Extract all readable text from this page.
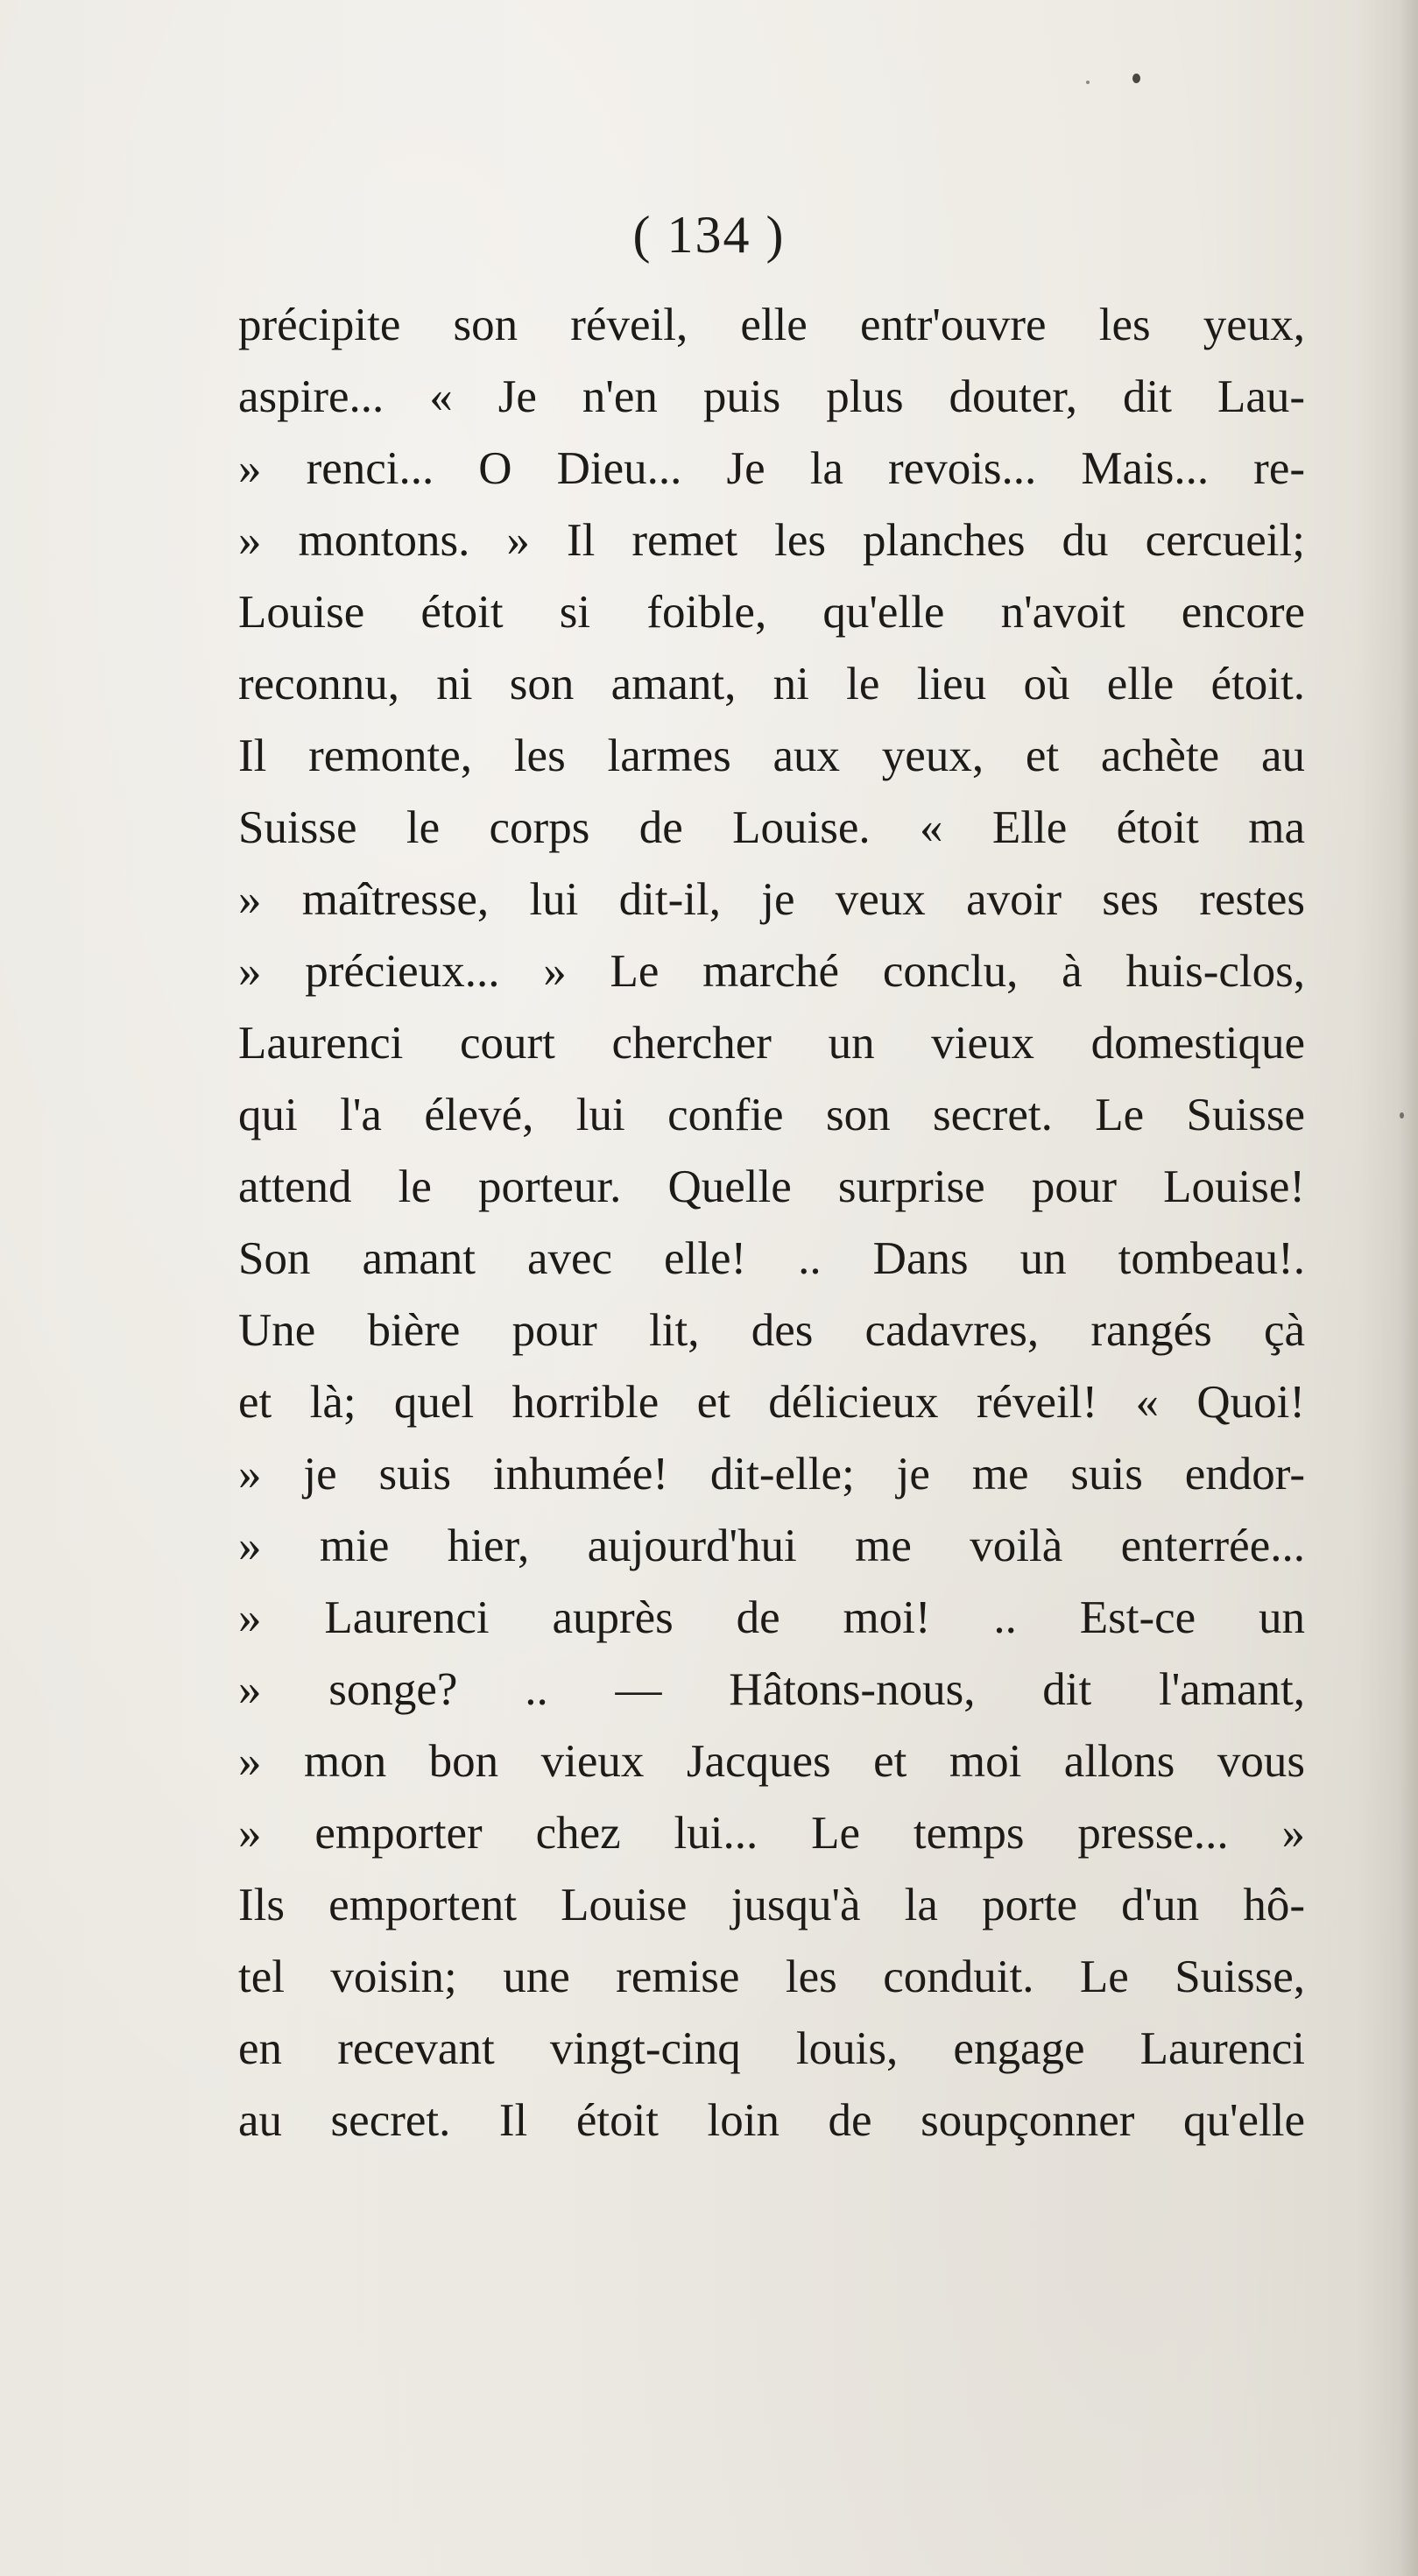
( 134 )
précipite son réveil, elle entr'ouvre les yeux,
aspire... « Je n'en puis plus douter, dit Lau-
» renci... O Dieu... Je la revois... Mais... re-
» montons. » Il remet les planches du cercueil;
Louise étoit si foible, qu'elle n'avoit encore
reconnu, ni son amant, ni le lieu où elle étoit.
Il remonte, les larmes aux yeux, et achète au
Suisse le corps de Louise. « Elle étoit ma
» maîtresse, lui dit-il, je veux avoir ses restes
» précieux... » Le marché conclu, à huis-clos,
Laurenci court chercher un vieux domestique
qui l'a élevé, lui confie son secret. Le Suisse
attend le porteur. Quelle surprise pour Louise!
Son amant avec elle! .. Dans un tombeau!.
Une bière pour lit, des cadavres, rangés çà
et là; quel horrible et délicieux réveil! « Quoi!
» je suis inhumée! dit-elle; je me suis endor-
» mie hier, aujourd'hui me voilà enterrée...
» Laurenci auprès de moi! .. Est-ce un
» songe? .. — Hâtons-nous, dit l'amant,
» mon bon vieux Jacques et moi allons vous
» emporter chez lui... Le temps presse... »
Ils emportent Louise jusqu'à la porte d'un hô-
tel voisin; une remise les conduit. Le Suisse,
en recevant vingt-cinq louis, engage Laurenci
au secret. Il étoit loin de soupçonner qu'elle
